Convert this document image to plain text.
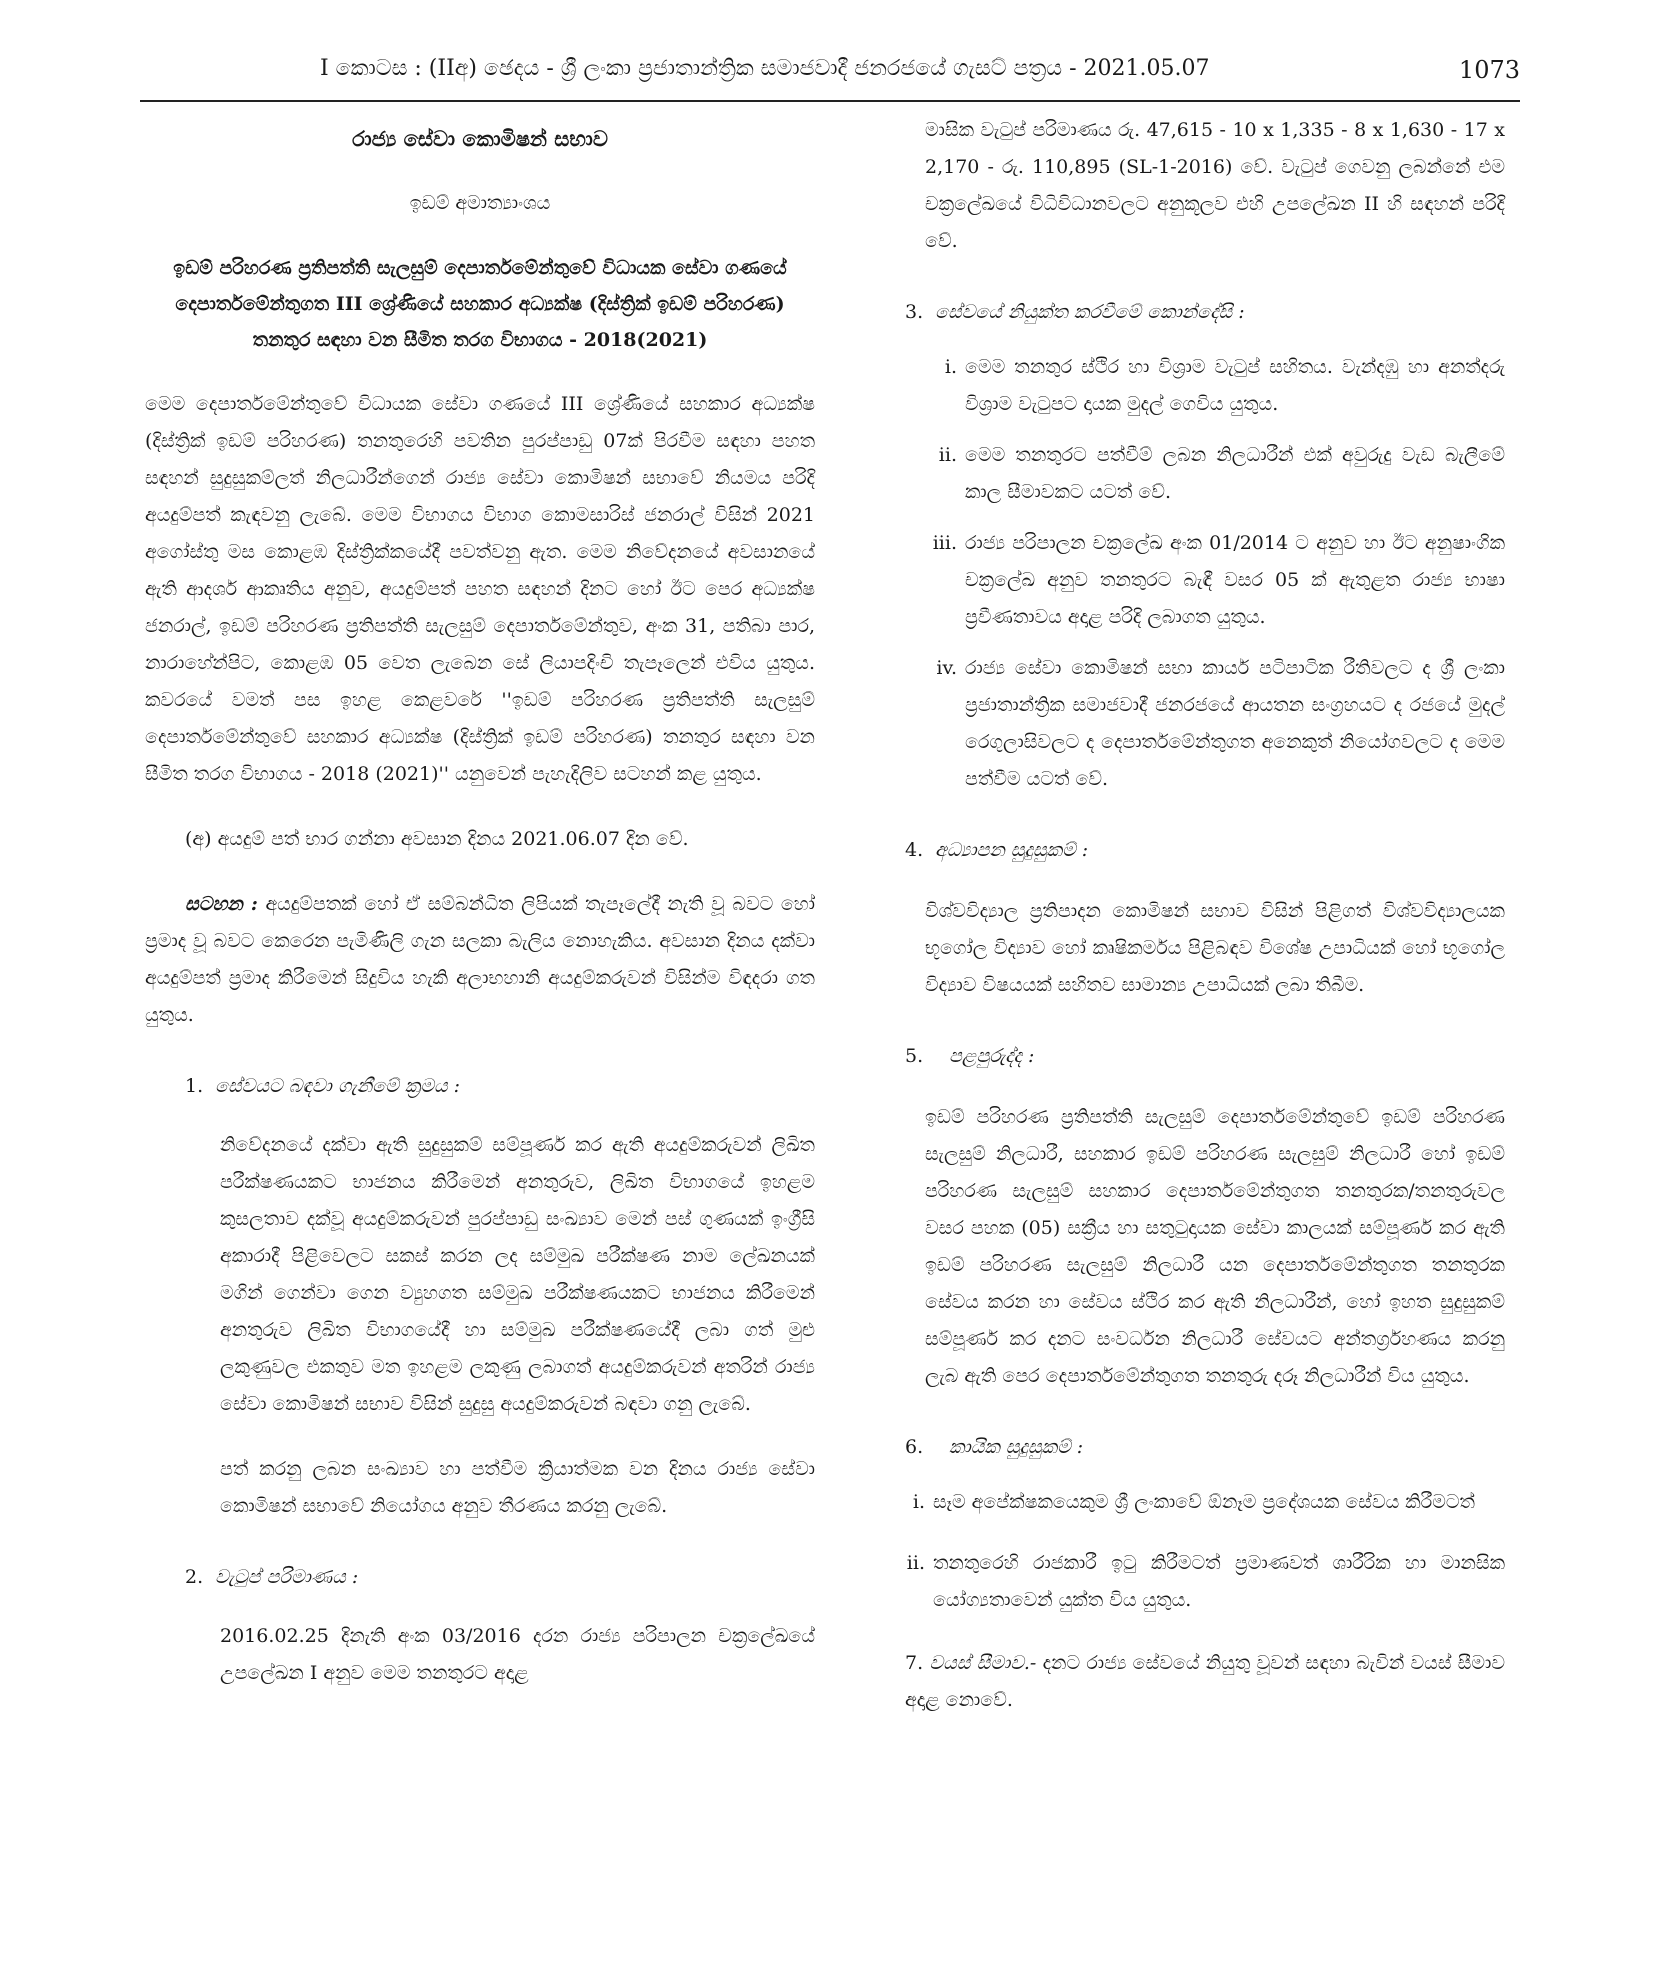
I කොටස : (IIඅ) ඡෙදය - ශ්‍රී ලංකා ප්‍රජාතාන්ත්‍රික සමාජවාදී ජනරජයේ ගැසට් පත්‍රය - 2021.05.07	1073

රාජ්‍ය සේවා කොමිෂන් සභාව

ඉඩම් අමාත්‍යාංශය

ඉඩම් පරිහරණ ප්‍රතිපත්ති සැලසුම් දෙපාර්තමේන්තුවේ විධායක සේවා ගණයේ දෙපාර්තමේන්තුගත III ශ්‍රේණියේ සහකාර අධ්‍යක්ෂ (දිස්ත්‍රික් ඉඩම් පරිහරණ) තනතුර සඳහා වන සීමිත තරග විභාගය - 2018(2021)

මෙම දෙපාර්තමේන්තුවේ විධායක සේවා ගණයේ III ශ්‍රේණියේ සහකාර අධ්‍යක්ෂ (දිස්ත්‍රික් ඉඩම් පරිහරණ) තනතුරෙහි පවතින පුරප්පාඩු 07ක් පිරවීම සඳහා පහත සඳහන් සුදුසුකම්ලත් නිලධාරීන්ගෙන් රාජ්‍ය සේවා කොමිෂන් සභාවේ නියමය පරිදි අයදුම්පත් කැඳවනු ලැබේ. මෙම විභාගය විභාග කොමසාරිස් ජනරාල් විසින් 2021 අගෝස්තු මස කොළඹ දිස්ත්‍රික්කයේදී පවත්වනු ඇත. මෙම නිවේදනයේ අවසානයේ ඇති ආදර්ශ ආකෘතිය අනුව, අයදුම්පත් පහත සඳහන් දිනට හෝ ඊට පෙර අධ්‍යක්ෂ ජනරාල්, ඉඩම් පරිහරණ ප්‍රතිපත්ති සැලසුම් දෙපාර්තමේන්තුව, අංක 31, පතිබා පාර, නාරාහේන්පිට, කොළඹ 05 වෙත ලැබෙන සේ ලියාපදිංචි තැපෑලෙන් එවිය යුතුය. කවරයේ වමත් පස ඉහළ කෙළවරේ ''ඉඩම් පරිහරණ ප්‍රතිපත්ති සැලසුම් දෙපාර්තමේන්තුවේ සහකාර අධ්‍යක්ෂ (දිස්ත්‍රික් ඉඩම් පරිහරණ) තනතුර සඳහා වන සීමිත තරග විභාගය - 2018 (2021)'' යනුවෙන් පැහැදිලිව සටහන් කළ යුතුය.

(අ) අයදුම් පත් භාර ගන්නා අවසාන දිනය 2021.06.07 දින වේ.

සටහන : අයදුම්පතක් හෝ ඒ සම්බන්ධිත ලිපියක් තැපෑලේදී නැති වූ බවට හෝ ප්‍රමාද වූ බවට කෙරෙන පැමිණිලි ගැන සලකා බැලිය නොහැකිය. අවසාන දිනය දක්වා අයදුම්පත් ප්‍රමාද කිරීමෙන් සිදුවිය හැකි අලාභහානි අයදුම්කරුවන් විසින්ම විඳදරා ගත යුතුය.

1. සේවයට බඳවා ගැනීමේ ක්‍රමය :

නිවේදනයේ දක්වා ඇති සුදුසුකම් සම්පූර්ණ කර ඇති අයදුම්කරුවන් ලිඛිත පරීක්ෂණයකට භාජනය කිරීමෙන් අනතුරුව, ලිඛිත විභාගයේ ඉහළම කුසලතාව දක්වූ අයදුම්කරුවන් පුරප්පාඩු සංඛ්‍යාව මෙන් පස් ගුණයක් ඉංග්‍රීසි අකාරාදී පිළිවෙලට සකස් කරන ලද සම්මුඛ පරීක්ෂණ නාම ලේඛනයක් මගින් ගෙන්වා ගෙන ව්‍යුහගත සම්මුඛ පරීක්ෂණයකට භාජනය කිරීමෙන් අනතුරුව ලිඛිත විභාගයේදී හා සම්මුඛ පරීක්ෂණයේදී ලබා ගත් මුළු ලකුණුවල එකතුව මත ඉහළම ලකුණු ලබාගත් අයදුම්කරුවන් අතරින් රාජ්‍ය සේවා කොමිෂන් සභාව විසින් සුදුසු අයදුම්කරුවන් බඳවා ගනු ලැබේ.

පත් කරනු ලබන සංඛ්‍යාව හා පත්වීම ක්‍රියාත්මක වන දිනය රාජ්‍ය සේවා කොමිෂන් සභාවේ නියෝගය අනුව තීරණය කරනු ලැබේ.

2. වැටුප් පරිමාණය :

2016.02.25 දිනැති අංක 03/2016 දරන රාජ්‍ය පරිපාලන චක්‍රලේඛයේ උපලේඛන I අනුව මෙම තනතුරට අදාළ

මාසික වැටුප් පරිමාණය රු. 47,615 - 10 x 1,335 - 8 x 1,630 - 17 x 2,170 - රු. 110,895 (SL-1-2016) වේ. වැටුප් ගෙවනු ලබන්නේ එම චක්‍රලේඛයේ විධිවිධානවලට අනුකූලව එහි උපලේඛන II හි සඳහන් පරිදි වේ.

3. සේවයේ නියුක්ත කරවීමේ කොන්දේසි :
i. මෙම තනතුර ස්ථිර හා විශ්‍රාම වැටුප් සහිතය. වැන්දඹු හා අනත්දරු විශ්‍රාම වැටුපට දායක මුදල් ගෙවිය යුතුය.
ii. මෙම තනතුරට පත්වීම් ලබන නිලධාරීන් එක් අවුරුදු වැඩ බැලීමේ කාල සීමාවකට යටත් වේ.
iii. රාජ්‍ය පරිපාලන චක්‍රලේඛ අංක 01/2014 ට අනුව හා ඊට අනුෂාංගික චක්‍රලේඛ අනුව තනතුරට බැඳී වසර 05 ක් ඇතුළත රාජ්‍ය භාෂා ප්‍රවීණතාවය අදාළ පරිදි ලබාගත යුතුය.
iv. රාජ්‍ය සේවා කොමිෂන් සභා කාර්ය පටිපාටික රීතිවලට ද ශ්‍රී ලංකා ප්‍රජාතාන්ත්‍රික සමාජවාදී ජනරජයේ ආයතන සංග්‍රහයට ද රජයේ මුදල් රෙගුලාසිවලට ද දෙපාර්තමේන්තුගත අනෙකුත් නියෝගවලට ද මෙම පත්වීම යටත් වේ.
4. අධ්‍යාපන සුදුසුකම් :

විශ්වවිද්‍යාල ප්‍රතිපාදන කොමිෂන් සභාව විසින් පිළිගත් විශ්වවිද්‍යාලයක භූගෝල විද්‍යාව හෝ කෘෂිකර්මය පිළිබඳව විශේෂ උපාධියක් හෝ භූගෝල විද්‍යාව විෂයයක් සහිතව සාමාන්‍ය උපාධියක් ලබා තිබීම.

5. පළපුරුද්ද :

ඉඩම් පරිහරණ ප්‍රතිපත්ති සැලසුම් දෙපාර්තමේන්තුවේ ඉඩම් පරිහරණ සැලසුම් නිලධාරී, සහකාර ඉඩම් පරිහරණ සැලසුම් නිලධාරී හෝ ඉඩම් පරිහරණ සැලසුම් සහකාර දෙපාර්තමේන්තුගත තනතුරක/තනතුරුවල වසර පහක (05) සක්‍රීය හා සතුටුදායක සේවා කාලයක් සම්පූර්ණ කර ඇති ඉඩම් පරිහරණ සැලසුම් නිලධාරී යන දෙපාර්තමේන්තුගත තනතුරක සේවය කරන හා සේවය ස්ථිර කර ඇති නිලධාරීන්, හෝ ඉහත සුදුසුකම් සම්පූර්ණ කර දනට සංවර්ධන නිලධාරී සේවයට අන්තර්ග්‍රහණය කරනු ලැබ ඇති පෙර දෙපාර්තමේන්තුගත තනතුරු දරූ නිලධාරීන් විය යුතුය.

6. කායික සුදුසුකම් :
i. සෑම අපේක්ෂකයෙකුම ශ්‍රී ලංකාවේ ඕනෑම ප්‍රදේශයක සේවය කිරීමටත්
ii. තනතුරෙහි රාජකාරී ඉටු කිරීමටත් ප්‍රමාණවත් ශාරීරික හා මානසික යෝග්‍යතාවෙන් යුක්ත විය යුතුය.

7. වයස් සීමාව.- දනට රාජ්‍ය සේවයේ නියුතු වූවන් සඳහා බැවින් වයස් සීමාව අදාළ නොවේ.
